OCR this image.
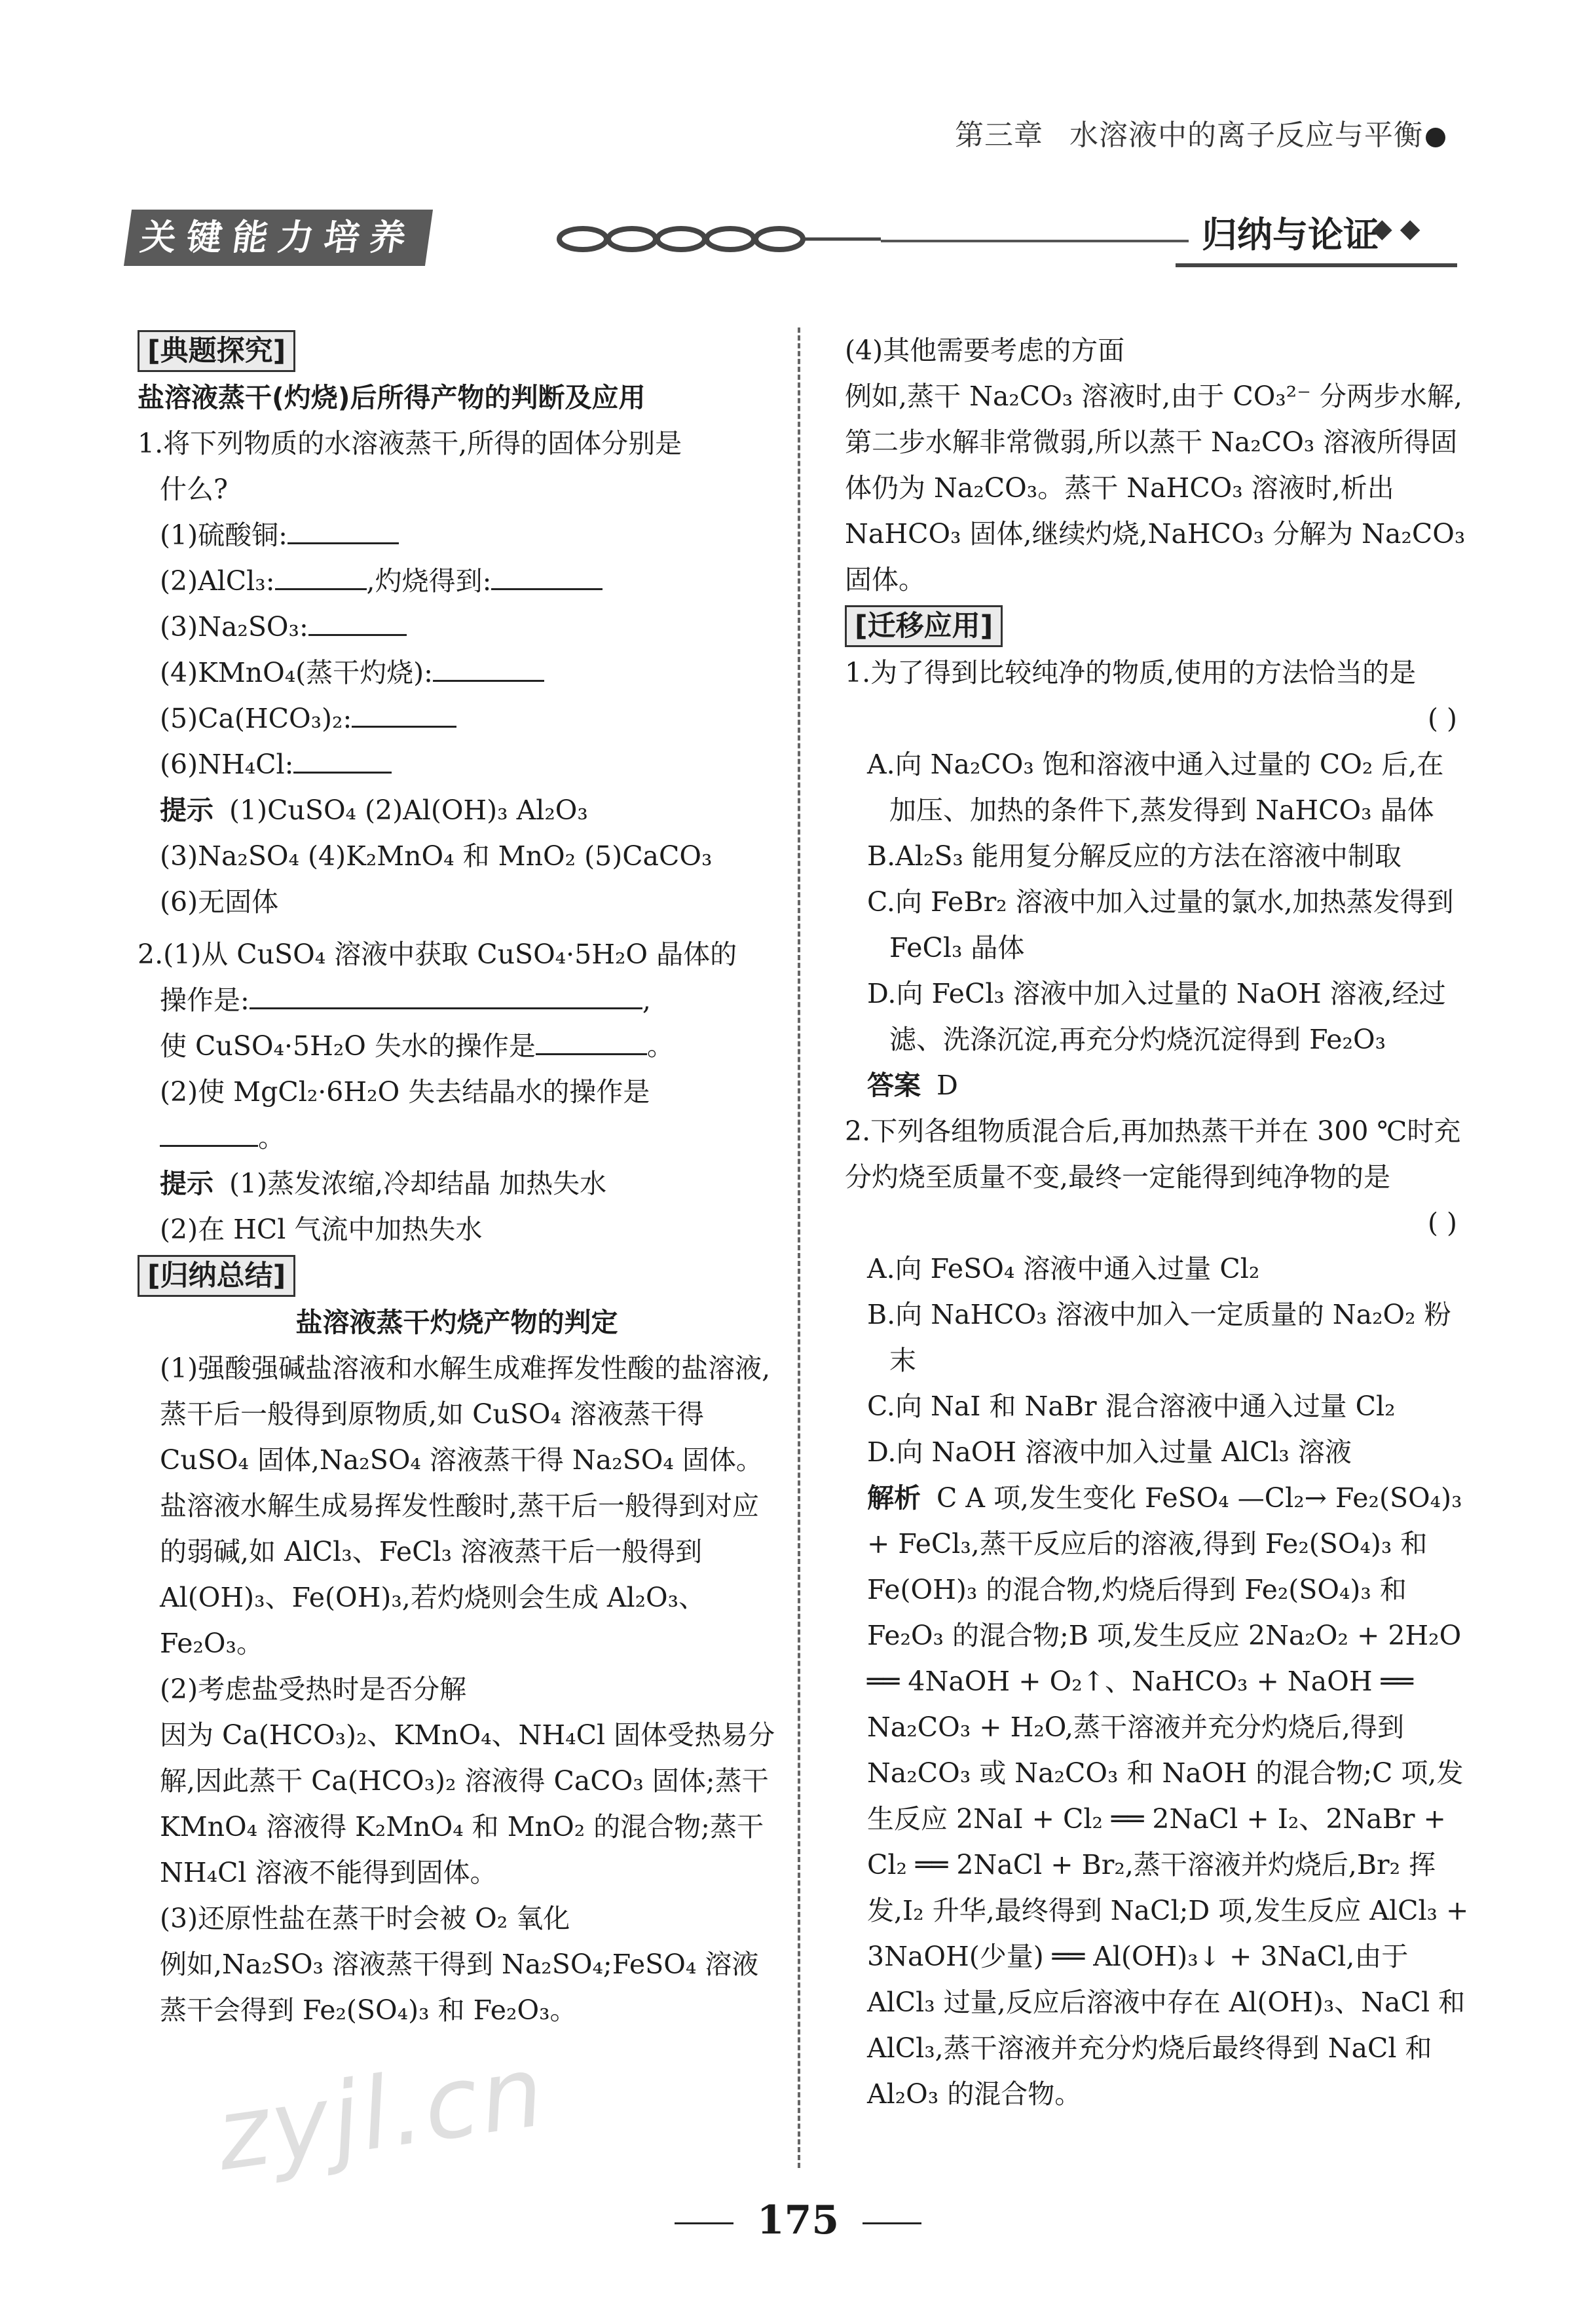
第三章 水溶液中的离子反应与平衡
关键能力培养	归纳与论证
◆◆
[ 典题探究 ]
盐溶液蒸干(灼烧)后所得产物的判断及应用
1.将下列物质的水溶液蒸干,所得的固体分别是
什么?
(1)硫酸铜:
(2)AlCl₃:	,灼烧得到:
(3)Na₂SO₃:
(4)KMnO₄(蒸干灼烧):
(5)Ca(HCO₃)₂:
(6)NH₄Cl:
提示 (1)CuSO₄ (2)Al(OH)₃ Al₂O₃
(3)Na₂SO₄ (4)K₂MnO₄ 和 MnO₂ (5)CaCO₃
(6)无固体
2.(1)从 CuSO₄ 溶液中获取 CuSO₄·5H₂O 晶体的
操作是:	,
使 CuSO₄·5H₂O 失水的操作是	。
(2)使 MgCl₂·6H₂O 失去结晶水的操作是
。
提示 (1)蒸发浓缩,冷却结晶 加热失水
(2)在 HCl 气流中加热失水
[ 归纳总结 ]
盐溶液蒸干灼烧产物的判定
(1)强酸强碱盐溶液和水解生成难挥发性酸的盐溶液,蒸干后一般得到原物质,如 CuSO₄ 溶液蒸干得 CuSO₄ 固体,Na₂SO₄ 溶液蒸干得 Na₂SO₄ 固体。
盐溶液水解生成易挥发性酸时,蒸干后一般得到对应的弱碱,如 AlCl₃、FeCl₃ 溶液蒸干后一般得到 Al(OH)₃、Fe(OH)₃,若灼烧则会生成 Al₂O₃、Fe₂O₃。
(2)考虑盐受热时是否分解
因为 Ca(HCO₃)₂、KMnO₄、NH₄Cl 固体受热易分解,因此蒸干 Ca(HCO₃)₂ 溶液得 CaCO₃ 固体;蒸干 KMnO₄ 溶液得 K₂MnO₄ 和 MnO₂ 的混合物;蒸干 NH₄Cl 溶液不能得到固体。
(3)还原性盐在蒸干时会被 O₂ 氧化
例如,Na₂SO₃ 溶液蒸干得到 Na₂SO₄;FeSO₄ 溶液蒸干会得到 Fe₂(SO₄)₃ 和 Fe₂O₃。
(4)其他需要考虑的方面
例如,蒸干 Na₂CO₃ 溶液时,由于 CO₃²⁻ 分两步水解,第二步水解非常微弱,所以蒸干 Na₂CO₃ 溶液所得固体仍为 Na₂CO₃。蒸干 NaHCO₃ 溶液时,析出 NaHCO₃ 固体,继续灼烧,NaHCO₃ 分解为 Na₂CO₃ 固体。
[ 迁移应用 ]
1.为了得到比较纯净的物质,使用的方法恰当的是
( )
A.向 Na₂CO₃ 饱和溶液中通入过量的 CO₂ 后,在加压、加热的条件下,蒸发得到 NaHCO₃ 晶体
B.Al₂S₃ 能用复分解反应的方法在溶液中制取
C.向 FeBr₂ 溶液中加入过量的氯水,加热蒸发得到 FeCl₃ 晶体
D.向 FeCl₃ 溶液中加入过量的 NaOH 溶液,经过滤、洗涤沉淀,再充分灼烧沉淀得到 Fe₂O₃
答案 D
2.下列各组物质混合后,再加热蒸干并在 300 ℃时充分灼烧至质量不变,最终一定能得到纯净物的是
( )
A.向 FeSO₄ 溶液中通入过量 Cl₂
B.向 NaHCO₃ 溶液中加入一定质量的 Na₂O₂ 粉末
C.向 NaI 和 NaBr 混合溶液中通入过量 Cl₂
D.向 NaOH 溶液中加入过量 AlCl₃ 溶液
解析 C A 项,发生变化 FeSO₄ —Cl₂→ Fe₂(SO₄)₃ + FeCl₃,蒸干反应后的溶液,得到 Fe₂(SO₄)₃ 和 Fe(OH)₃ 的混合物,灼烧后得到 Fe₂(SO₄)₃ 和 Fe₂O₃ 的混合物;B 项,发生反应 2Na₂O₂ + 2H₂O ══ 4NaOH + O₂↑、NaHCO₃ + NaOH ══ Na₂CO₃ + H₂O,蒸干溶液并充分灼烧后,得到 Na₂CO₃ 或 Na₂CO₃ 和 NaOH 的混合物;C 项,发生反应 2NaI + Cl₂ ══ 2NaCl + I₂、2NaBr + Cl₂ ══ 2NaCl + Br₂,蒸干溶液并灼烧后,Br₂ 挥发,I₂ 升华,最终得到 NaCl;D 项,发生反应 AlCl₃ + 3NaOH(少量) ══ Al(OH)₃↓ + 3NaCl,由于 AlCl₃ 过量,反应后溶液中存在 Al(OH)₃、NaCl 和 AlCl₃,蒸干溶液并充分灼烧后最终得到 NaCl 和 Al₂O₃ 的混合物。
zyjl.cn
175
